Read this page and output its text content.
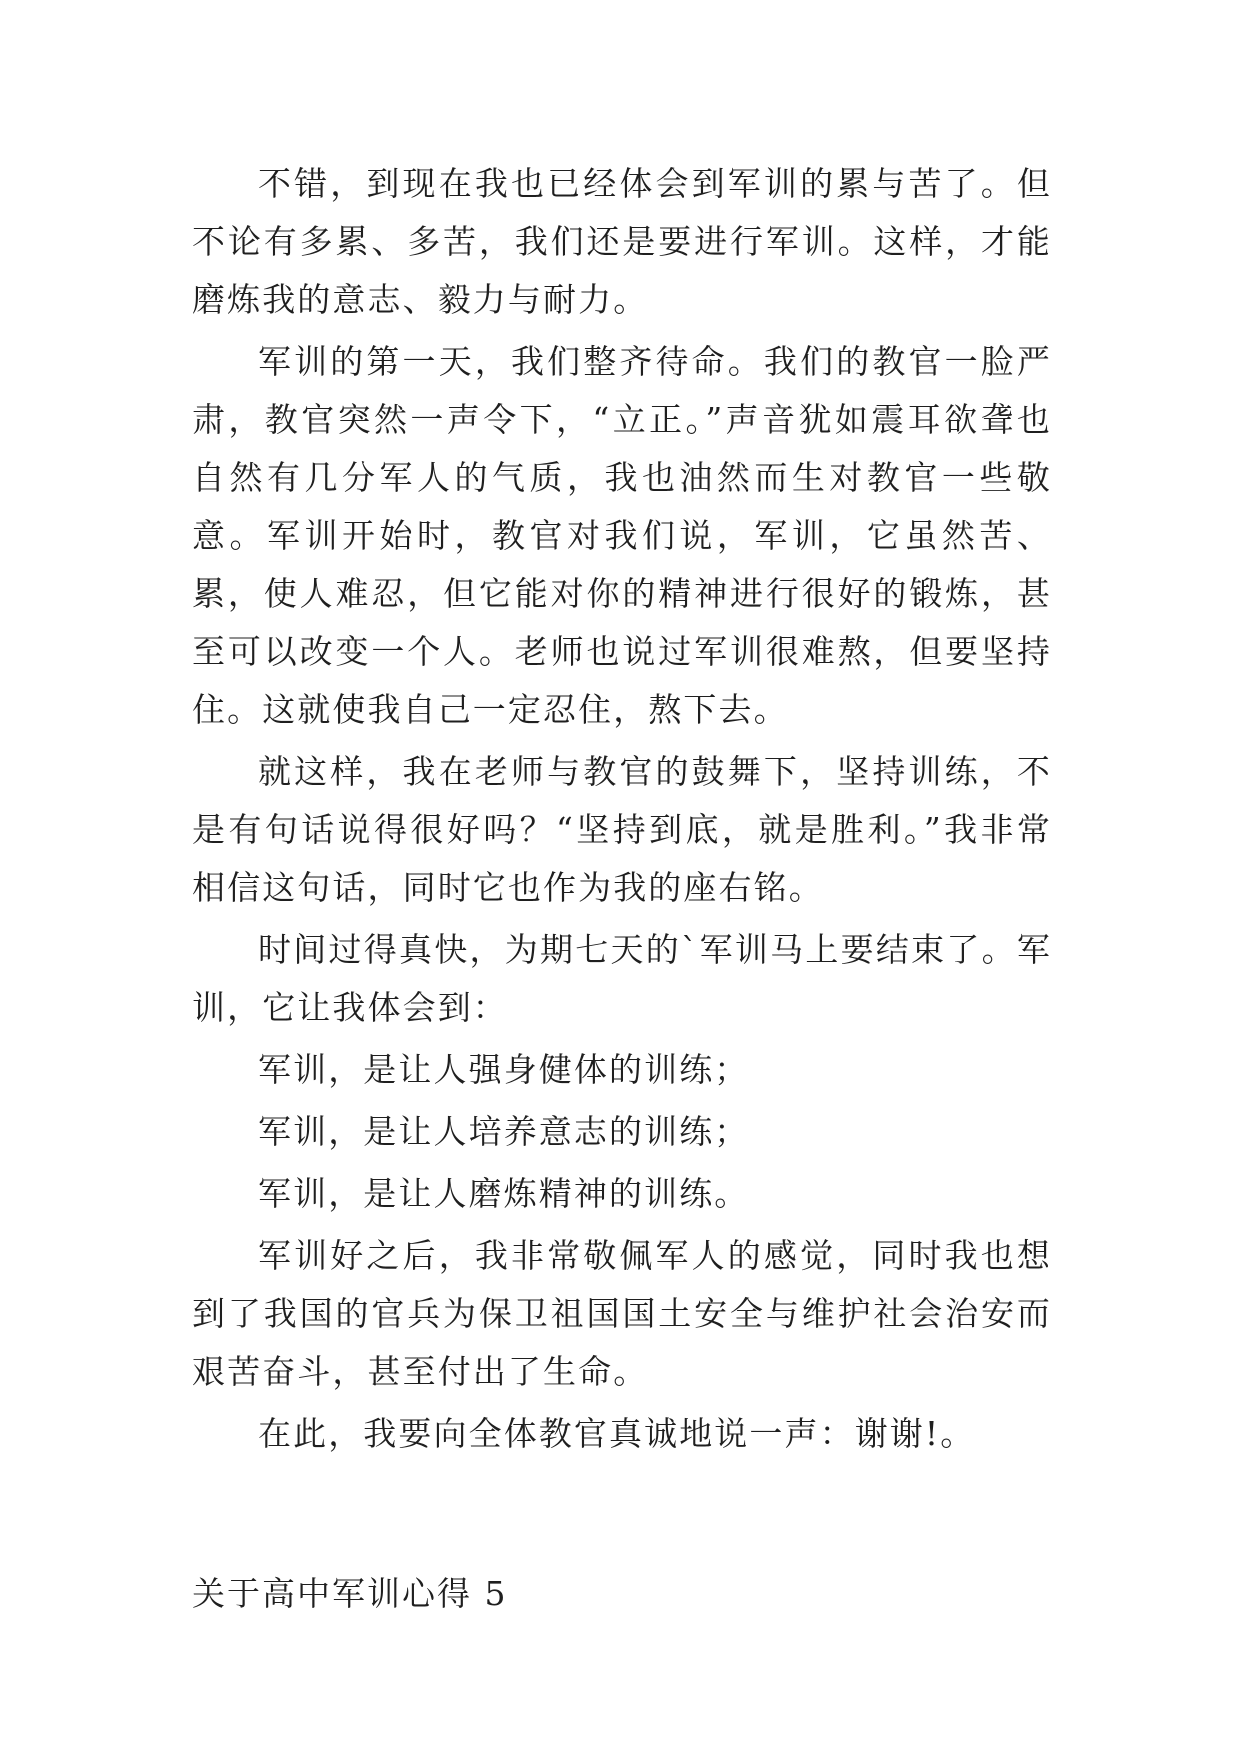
不错，到现在我也已经体会到军训的累与苦了。但不论有多累、多苦，我们还是要进行军训。这样，才能磨炼我的意志、毅力与耐力。

军训的第一天，我们整齐待命。我们的教官一脸严肃，教官突然一声令下，“立正。”声音犹如震耳欲聋也自然有几分军人的气质，我也油然而生对教官一些敬意。军训开始时，教官对我们说，军训，它虽然苦、累，使人难忍，但它能对你的精神进行很好的锻炼，甚至可以改变一个人。老师也说过军训很难熬，但要坚持住。这就使我自己一定忍住，熬下去。

就这样，我在老师与教官的鼓舞下，坚持训练，不是有句话说得很好吗？“坚持到底，就是胜利。”我非常相信这句话，同时它也作为我的座右铭。

时间过得真快，为期七天的`军训马上要结束了。军训，它让我体会到：

军训，是让人强身健体的训练；

军训，是让人培养意志的训练；

军训，是让人磨炼精神的训练。

军训好之后，我非常敬佩军人的感觉，同时我也想到了我国的官兵为保卫祖国国土安全与维护社会治安而艰苦奋斗，甚至付出了生命。

在此，我要向全体教官真诚地说一声：谢谢!。

关于高中军训心得 5
